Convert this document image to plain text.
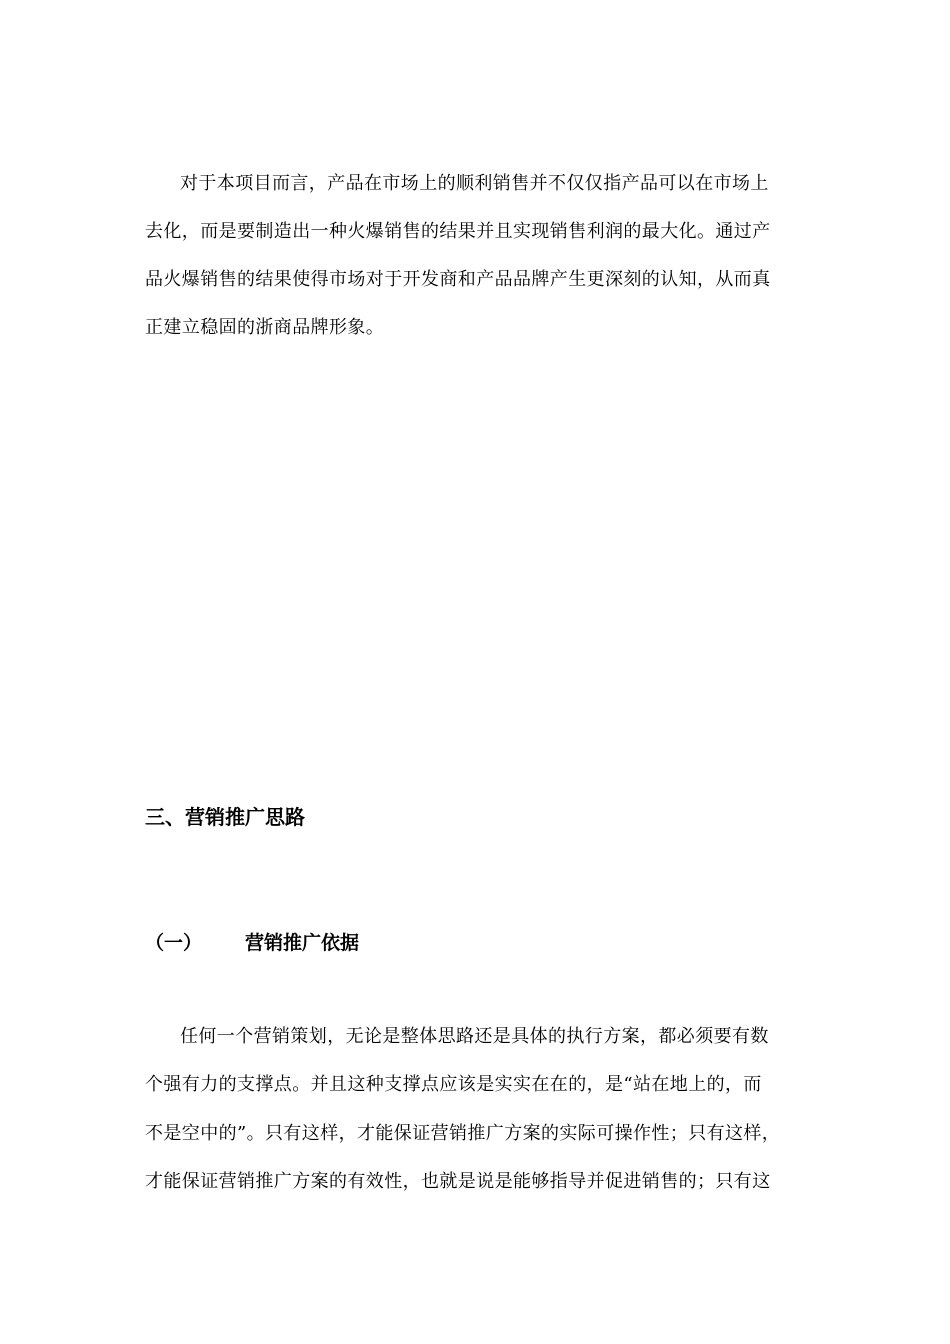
对于本项目而言，产品在市场上的顺利销售并不仅仅指产品可以在市场上
去化，而是要制造出一种火爆销售的结果并且实现销售利润的最大化。通过产
品火爆销售的结果使得市场对于开发商和产品品牌产生更深刻的认知，从而真
正建立稳固的浙商品牌形象。
三、营销推广思路
（一） 营销推广依据
任何一个营销策划，无论是整体思路还是具体的执行方案，都必须要有数
个强有力的支撑点。并且这种支撑点应该是实实在在的，是“站在地上的，而
不是空中的”。只有这样，才能保证营销推广方案的实际可操作性；只有这样，
才能保证营销推广方案的有效性，也就是说是能够指导并促进销售的；只有这
